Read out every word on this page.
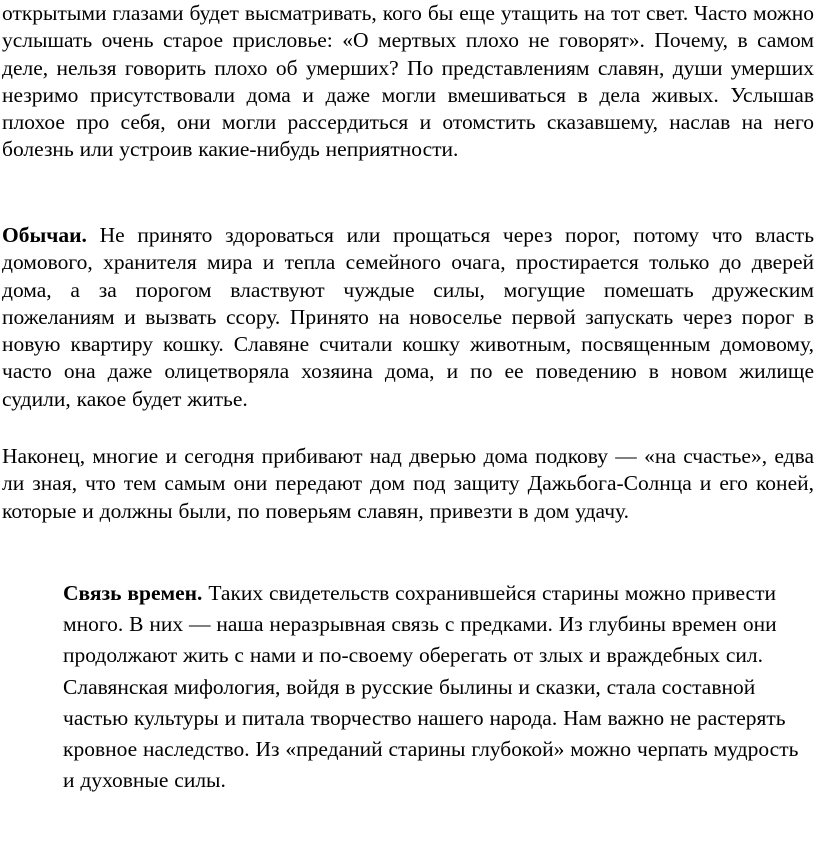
открытыми глазами будет высматривать, кого бы еще утащить на тот свет. Часто можно услышать очень старое присловье: «О мертвых плохо не говорят». Почему, в самом деле, нельзя говорить плохо об умерших? По представлениям славян, души умерших незримо присутствовали дома и даже могли вмешиваться в дела живых. Услышав плохое про себя, они могли рассердиться и отомстить сказавшему, наслав на него болезнь или устроив какие-нибудь неприятности.

Обычаи. Не принято здороваться или прощаться через порог, потому что власть домового, хранителя мира и тепла семейного очага, простирается только до дверей дома, а за порогом властвуют чуждые силы, могущие помешать дружеским пожеланиям и вызвать ссору. Принято на новоселье первой запускать через порог в новую квартиру кошку. Славяне считали кошку животным, посвященным домовому, часто она даже олицетворяла хозяина дома, и по ее поведению в новом жилище судили, какое будет житье.

Наконец, многие и сегодня прибивают над дверью дома подкову — «на счастье», едва ли зная, что тем самым они передают дом под защиту Дажьбога-Солнца и его коней, которые и должны были, по поверьям славян, привезти в дом удачу.

Связь времен. Таких свидетельств сохранившейся старины можно привести много. В них — наша неразрывная связь с предками. Из глубины времен они продолжают жить с нами и по-своему оберегать от злых и враждебных сил. Славянская мифология, войдя в русские былины и сказки, стала составной частью культуры и питала творчество нашего народа. Нам важно не растерять кровное наследство. Из «преданий старины глубокой» можно черпать мудрость и духовные силы.
